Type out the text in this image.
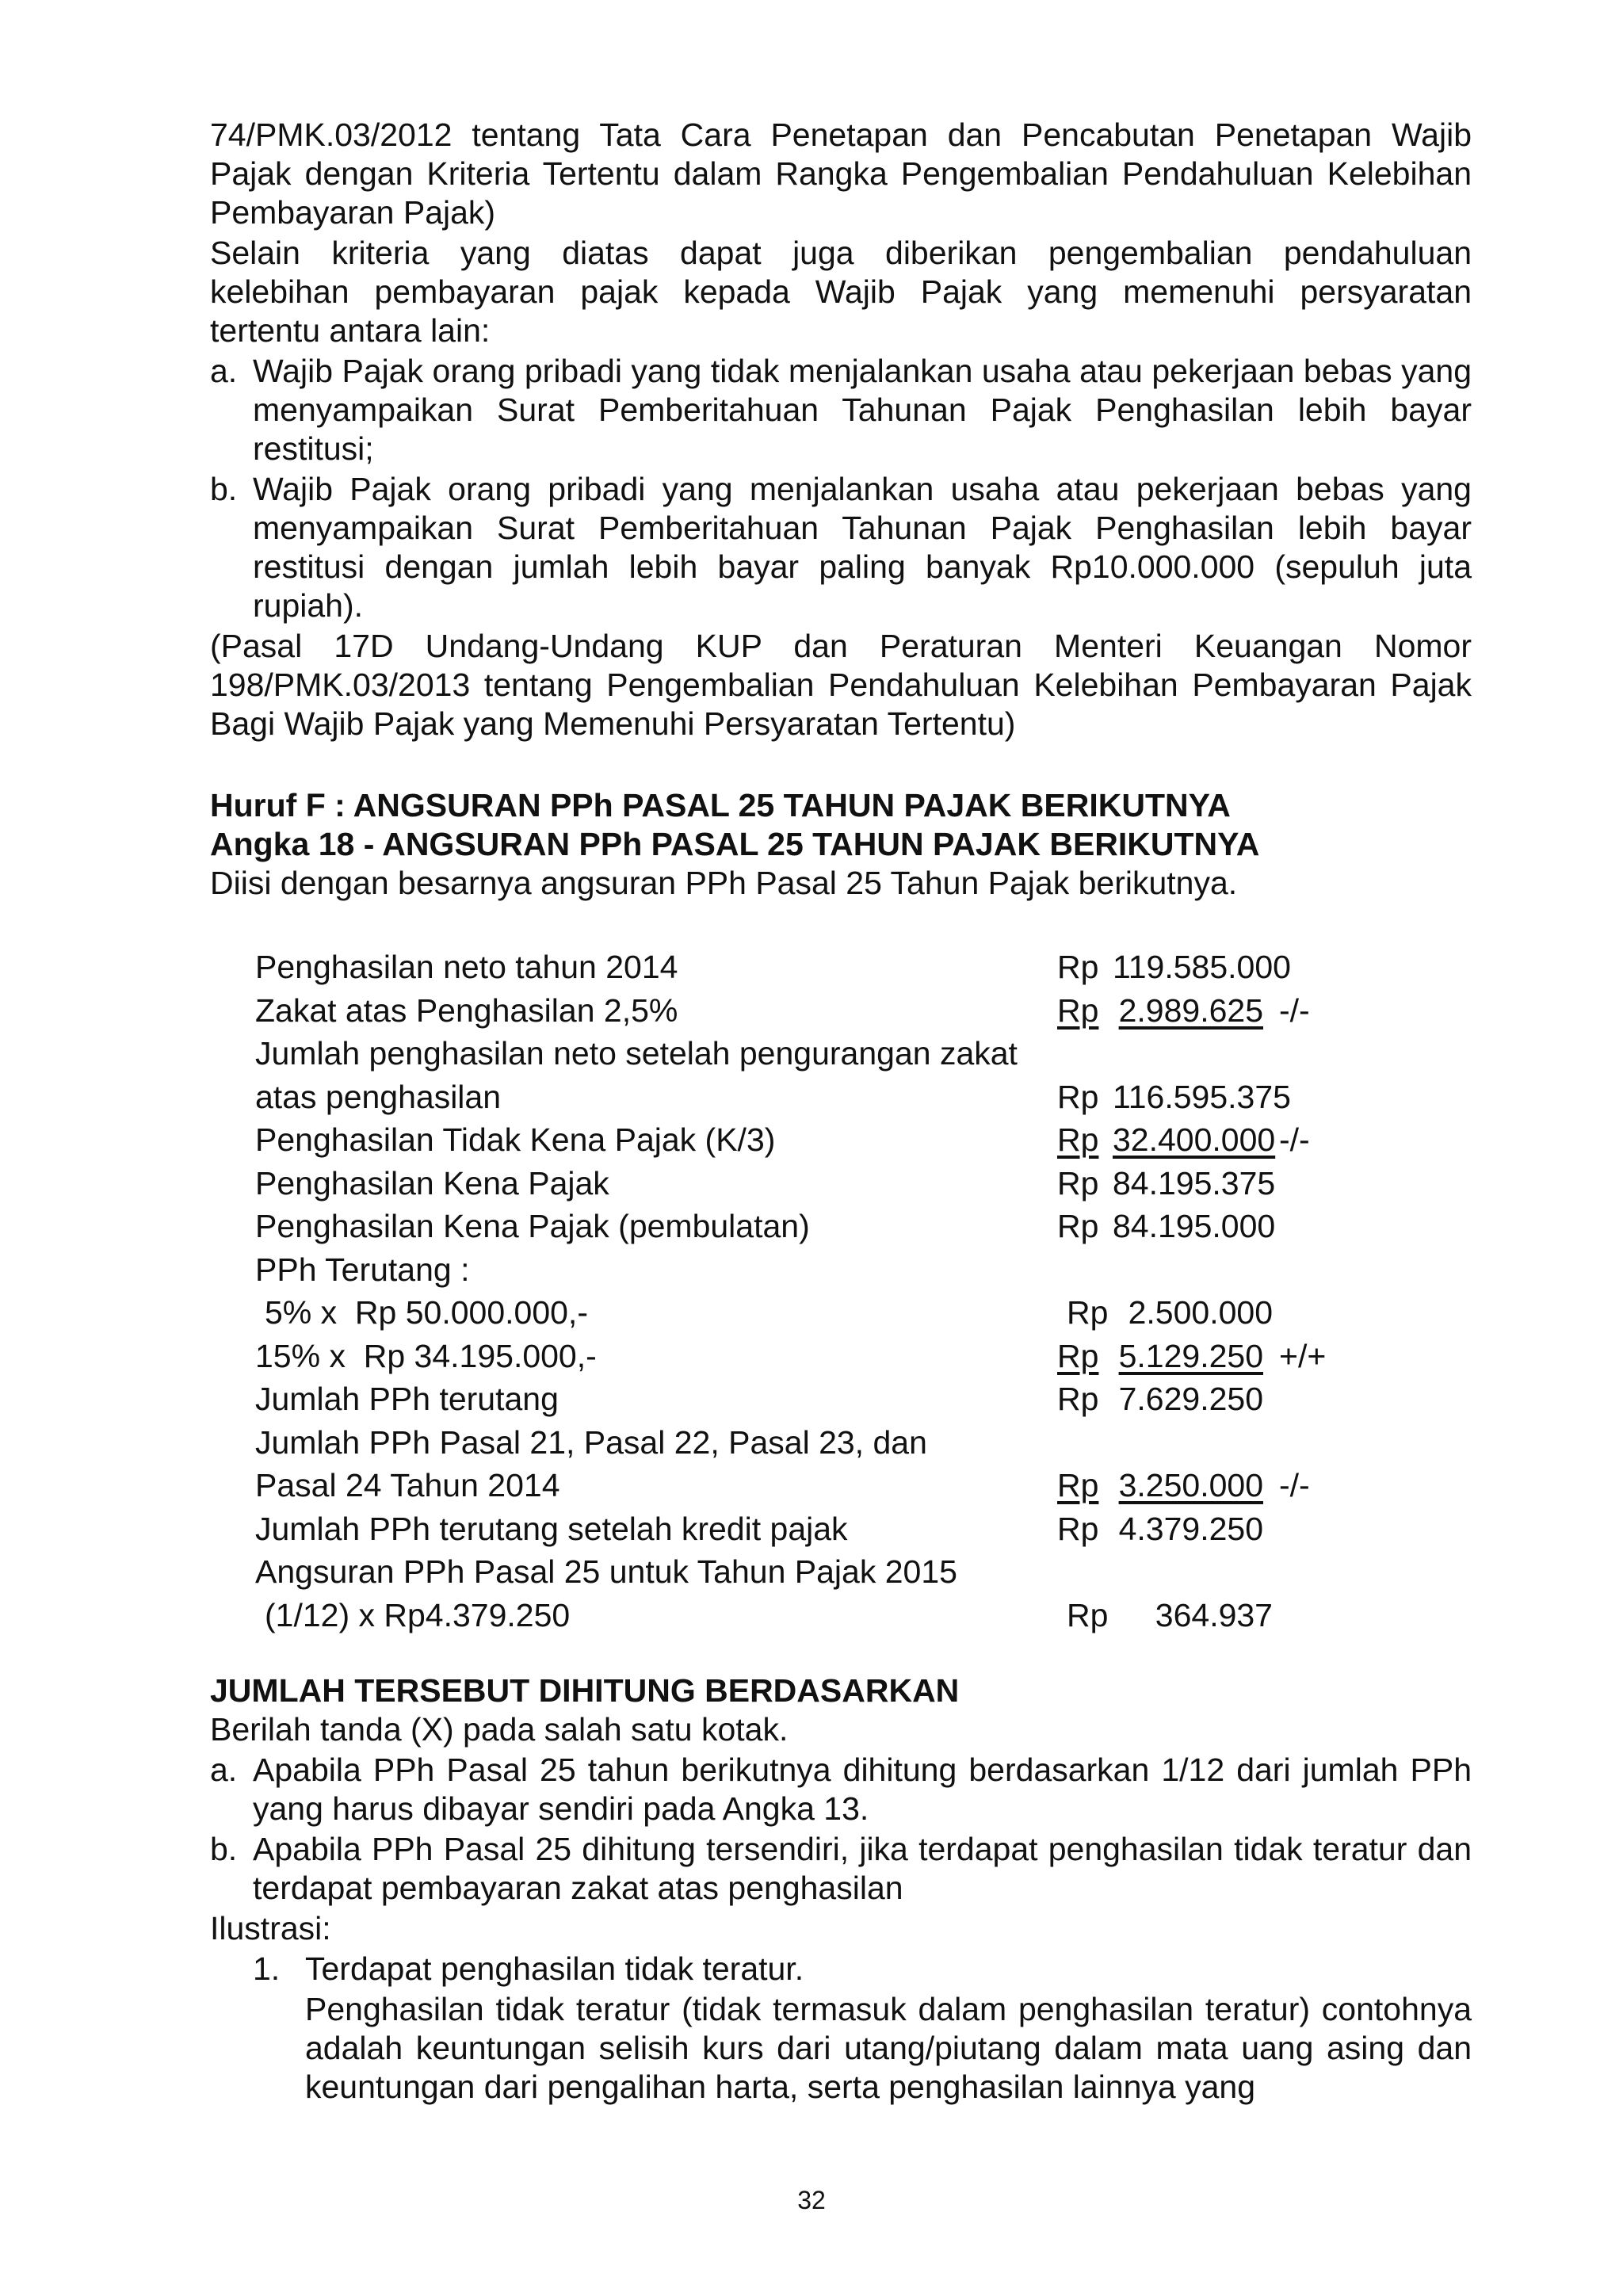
74/PMK.03/2012 tentang Tata Cara Penetapan dan Pencabutan Penetapan Wajib

Pajak dengan Kriteria Tertentu dalam Rangka Pengembalian Pendahuluan Kelebihan

Pembayaran Pajak)

Selain kriteria yang diatas dapat juga diberikan pengembalian pendahuluan

kelebihan pembayaran pajak kepada Wajib Pajak yang memenuhi persyaratan

tertentu antara lain:

a. Wajib Pajak orang pribadi yang tidak menjalankan usaha atau pekerjaan bebas yang menyampaikan Surat Pemberitahuan Tahunan Pajak Penghasilan lebih bayar restitusi;
b. Wajib Pajak orang pribadi yang menjalankan usaha atau pekerjaan bebas yang menyampaikan Surat Pemberitahuan Tahunan Pajak Penghasilan lebih bayar restitusi dengan jumlah lebih bayar paling banyak Rp10.000.000 (sepuluh juta rupiah).

(Pasal 17D Undang-Undang KUP dan Peraturan Menteri Keuangan Nomor

198/PMK.03/2013 tentang Pengembalian Pendahuluan Kelebihan Pembayaran Pajak

Bagi Wajib Pajak yang Memenuhi Persyaratan Tertentu)

Huruf F : ANGSURAN PPh PASAL 25 TAHUN PAJAK BERIKUTNYA

Angka 18 - ANGSURAN PPh PASAL 25 TAHUN PAJAK BERIKUTNYA

Diisi dengan besarnya angsuran PPh Pasal 25 Tahun Pajak berikutnya.

Penghasilan neto tahun 2014	Rp 119.585.000
Zakat atas Penghasilan 2,5%	Rp 2.989.625 -/-
Jumlah penghasilan neto setelah pengurangan zakat
atas penghasilan	Rp 116.595.375
Penghasilan Tidak Kena Pajak (K/3)	Rp 32.400.000 -/-
Penghasilan Kena Pajak	Rp 84.195.375
Penghasilan Kena Pajak (pembulatan)	Rp 84.195.000
PPh Terutang :
5% x  Rp 50.000.000,-	Rp 2.500.000
15% x  Rp 34.195.000,-	Rp 5.129.250 +/+
Jumlah PPh terutang	Rp 7.629.250
Jumlah PPh Pasal 21, Pasal 22, Pasal 23, dan
Pasal 24 Tahun 2014	Rp 3.250.000 -/-
Jumlah PPh terutang setelah kredit pajak	Rp 4.379.250
Angsuran PPh Pasal 25 untuk Tahun Pajak 2015
(1/12) x Rp4.379.250	Rp	364.937

JUMLAH TERSEBUT DIHITUNG BERDASARKAN

Berilah tanda (X) pada salah satu kotak.

a. Apabila PPh Pasal 25 tahun berikutnya dihitung berdasarkan 1/12 dari jumlah PPh yang harus dibayar sendiri pada Angka 13.
b. Apabila PPh Pasal 25 dihitung tersendiri, jika terdapat penghasilan tidak teratur dan terdapat pembayaran zakat atas penghasilan

Ilustrasi:

1. Terdapat penghasilan tidak teratur.

Penghasilan tidak teratur (tidak termasuk dalam penghasilan teratur) contohnya adalah keuntungan selisih kurs dari utang/piutang dalam mata uang asing dan keuntungan dari pengalihan harta, serta penghasilan lainnya yang

32
